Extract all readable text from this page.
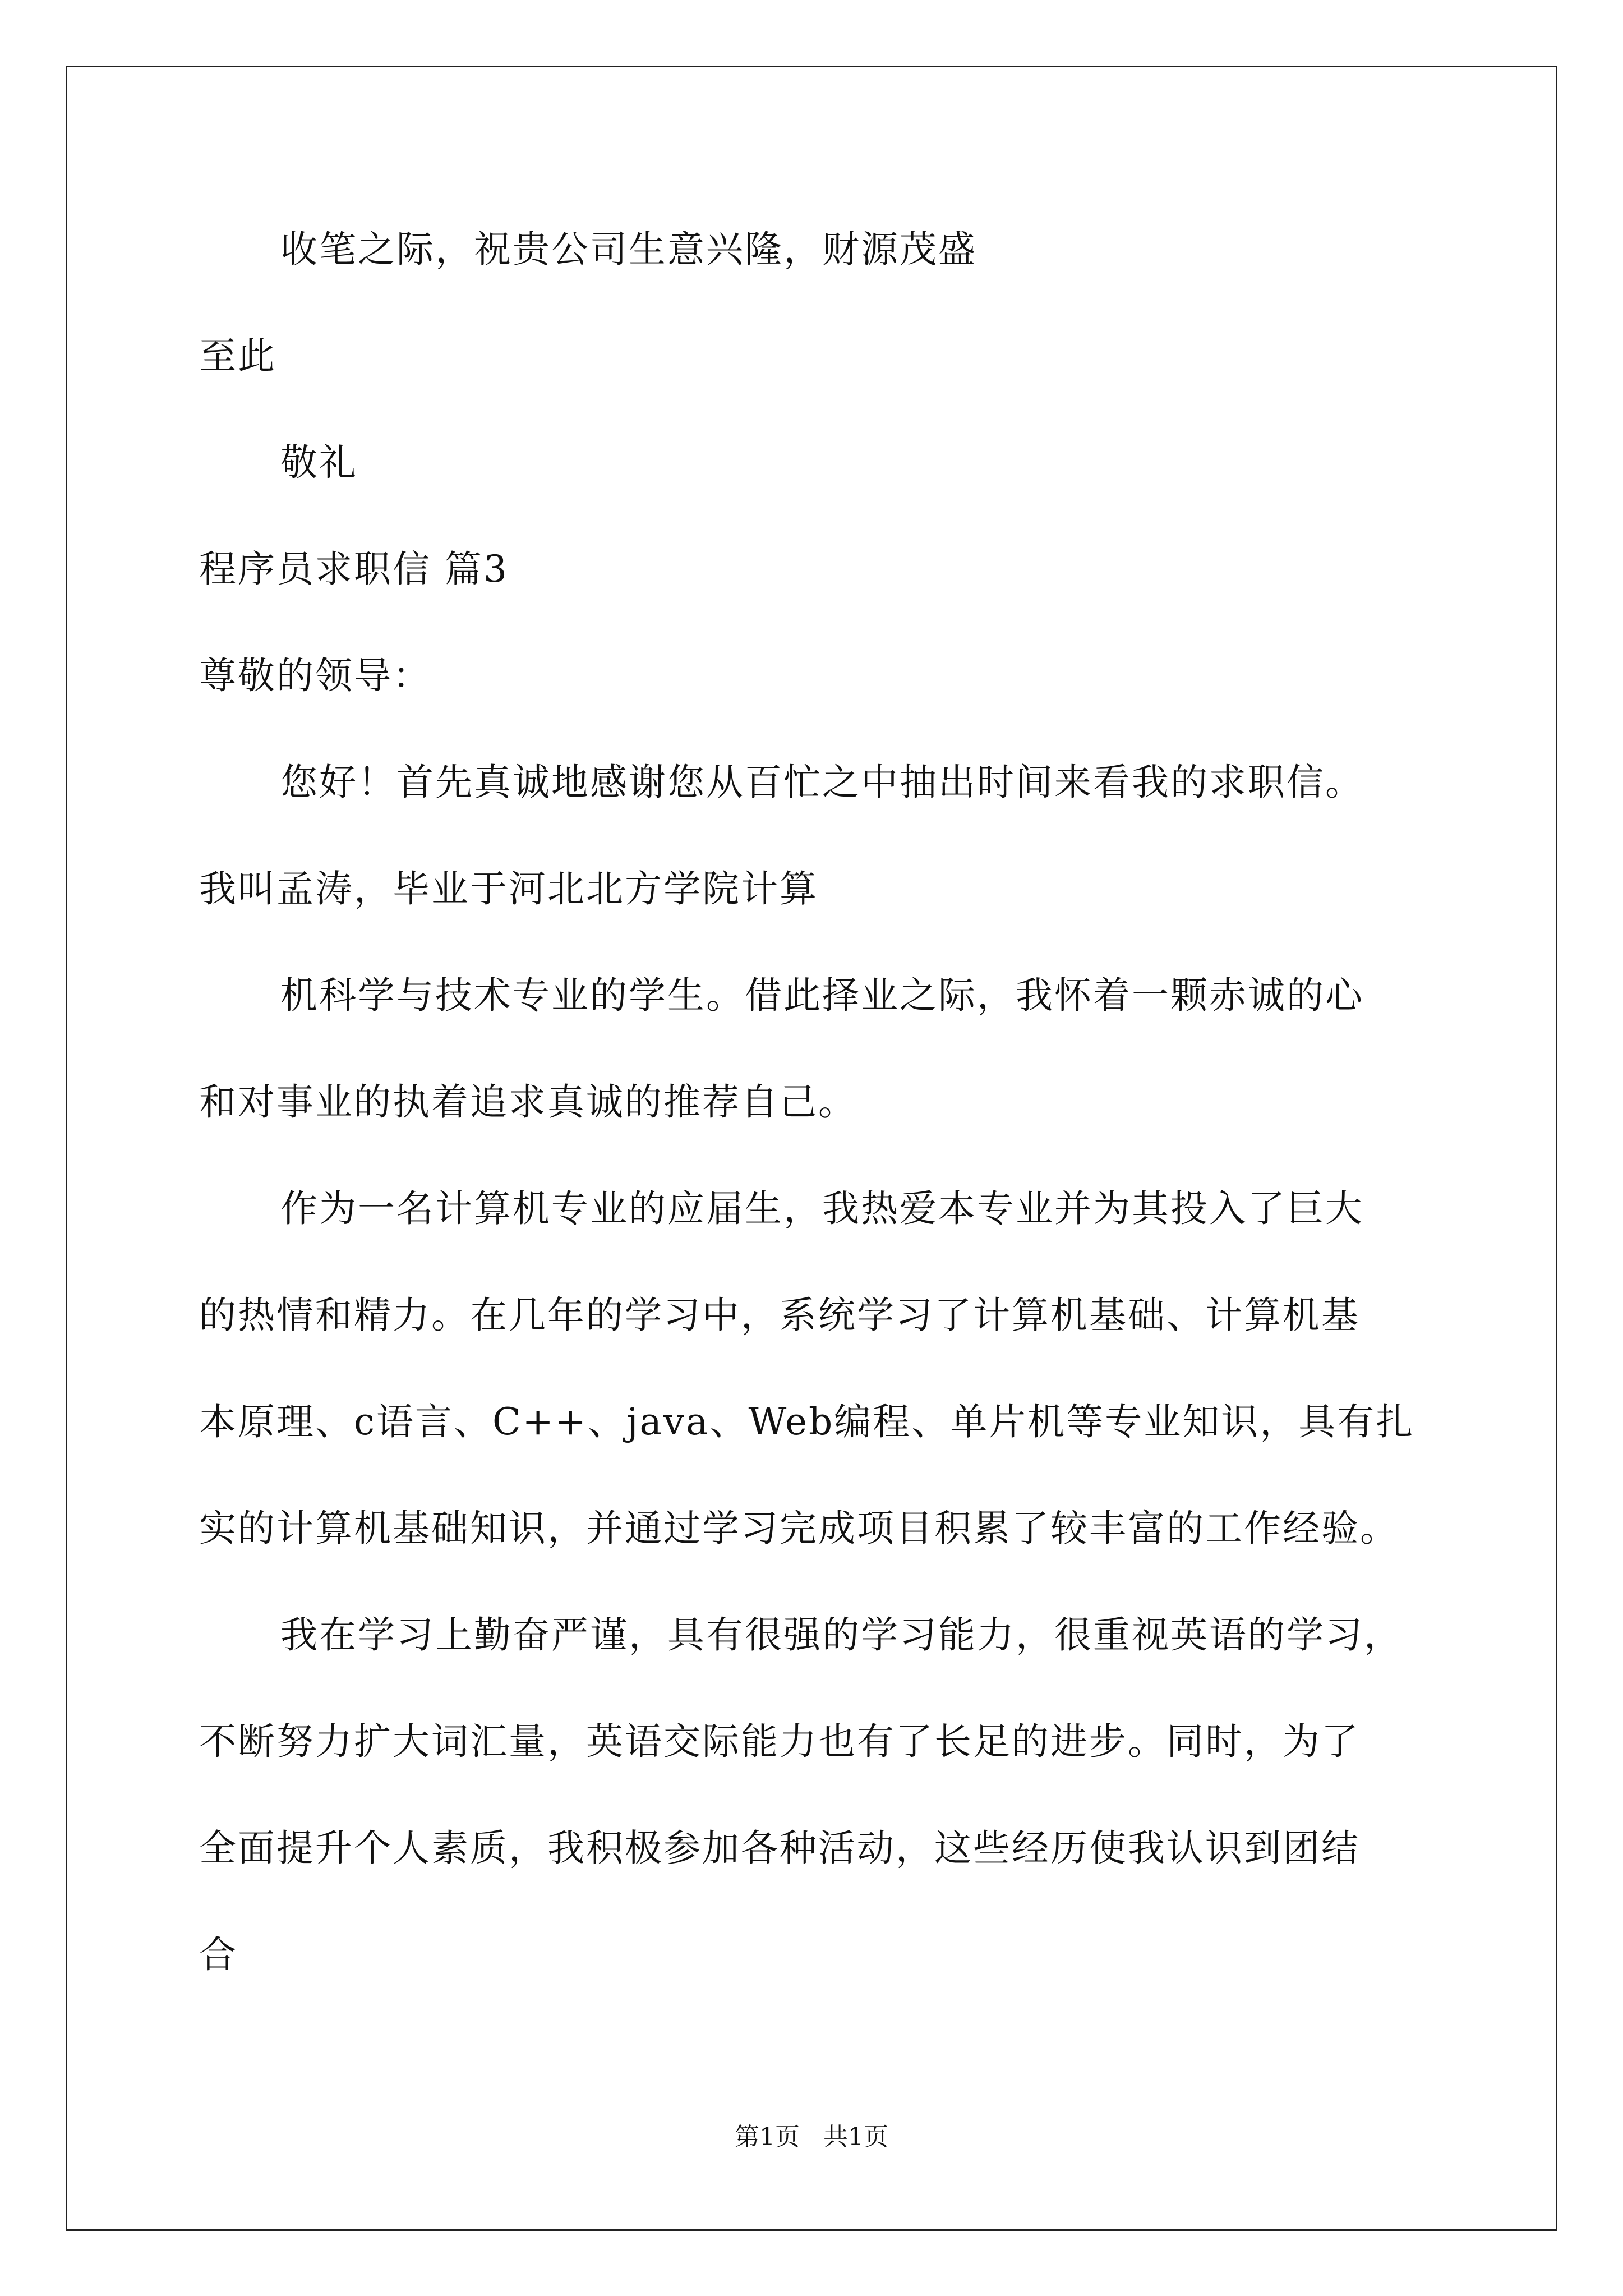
收笔之际，祝贵公司生意兴隆，财源茂盛
至此
敬礼
程序员求职信 篇3
尊敬的领导：
您好！首先真诚地感谢您从百忙之中抽出时间来看我的求职信。
我叫孟涛，毕业于河北北方学院计算
机科学与技术专业的学生。借此择业之际，我怀着一颗赤诚的心
和对事业的执着追求真诚的推荐自己。
作为一名计算机专业的应届生，我热爱本专业并为其投入了巨大
的热情和精力。在几年的学习中，系统学习了计算机基础、计算机基
本原理、c语言、C++、java、Web编程、单片机等专业知识，具有扎
实的计算机基础知识，并通过学习完成项目积累了较丰富的工作经验。
我在学习上勤奋严谨，具有很强的学习能力，很重视英语的学习，
不断努力扩大词汇量，英语交际能力也有了长足的进步。同时，为了
全面提升个人素质，我积极参加各种活动，这些经历使我认识到团结
合
第1页   共1页
